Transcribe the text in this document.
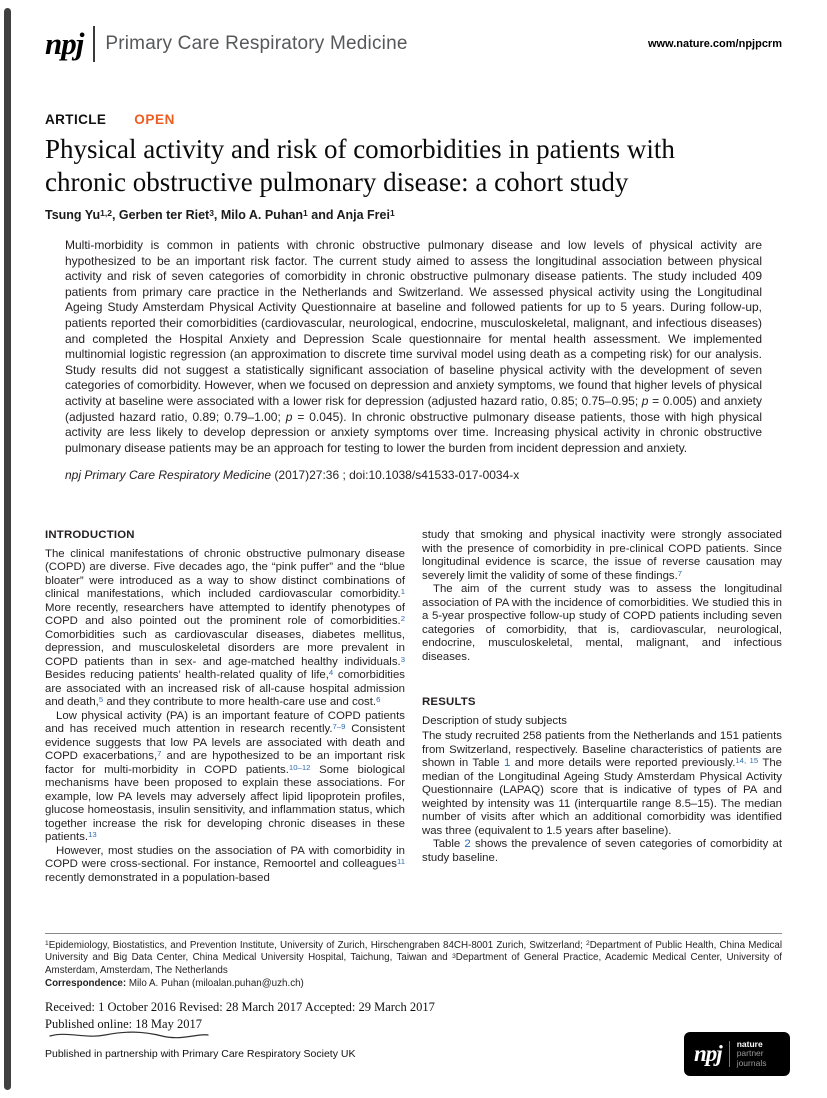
npj Primary Care Respiratory Medicine	www.nature.com/npjpcrm
ARTICLE OPEN
Physical activity and risk of comorbidities in patients with chronic obstructive pulmonary disease: a cohort study
Tsung Yu$^{1,2}$, Gerben ter Riet$^3$, Milo A. Puhan$^1$ and Anja Frei$^1$

Multi-morbidity is common in patients with chronic obstructive pulmonary disease and low levels of physical activity are hypothesized to be an important risk factor. The current study aimed to assess the longitudinal association between physical activity and risk of seven categories of comorbidity in chronic obstructive pulmonary disease patients. The study included 409 patients from primary care practice in the Netherlands and Switzerland. We assessed physical activity using the Longitudinal Ageing Study Amsterdam Physical Activity Questionnaire at baseline and followed patients for up to 5 years. During follow-up, patients reported their comorbidities (cardiovascular, neurological, endocrine, musculoskeletal, malignant, and infectious diseases) and completed the Hospital Anxiety and Depression Scale questionnaire for mental health assessment. We implemented multinomial logistic regression (an approximation to discrete time survival model using death as a competing risk) for our analysis. Study results did not suggest a statistically significant association of baseline physical activity with the development of seven categories of comorbidity. However, when we focused on depression and anxiety symptoms, we found that higher levels of physical activity at baseline were associated with a lower risk for depression (adjusted hazard ratio, 0.85; 0.75–0.95; p = 0.005) and anxiety (adjusted hazard ratio, 0.89; 0.79–1.00; p = 0.045). In chronic obstructive pulmonary disease patients, those with high physical activity are less likely to develop depression or anxiety symptoms over time. Increasing physical activity in chronic obstructive pulmonary disease patients may be an approach for testing to lower the burden from incident depression and anxiety.

npj Primary Care Respiratory Medicine (2017)27:36 ; doi:10.1038/s41533-017-0034-x

INTRODUCTION
The clinical manifestations of chronic obstructive pulmonary disease (COPD) are diverse. Five decades ago, the “pink puffer” and the “blue bloater” were introduced as a way to show distinct combinations of clinical manifestations, which included cardiovascular comorbidity.$^1$ More recently, researchers have attempted to identify phenotypes of COPD and also pointed out the prominent role of comorbidities.$^2$ Comorbidities such as cardiovascular diseases, diabetes mellitus, depression, and musculoskeletal disorders are more prevalent in COPD patients than in sex- and age-matched healthy individuals.$^3$ Besides reducing patients’ health-related quality of life,$^4$ comorbidities are associated with an increased risk of all-cause hospital admission and death,$^5$ and they contribute to more health-care use and cost.$^6$
Low physical activity (PA) is an important feature of COPD patients and has received much attention in research recently.$^{7-9}$ Consistent evidence suggests that low PA levels are associated with death and COPD exacerbations,$^7$ and are hypothesized to be an important risk factor for multi-morbidity in COPD patients.$^{10-12}$ Some biological mechanisms have been proposed to explain these associations. For example, low PA levels may adversely affect lipid lipoprotein profiles, glucose homeostasis, insulin sensitivity, and inflammation status, which together increase the risk for developing chronic diseases in these patients.$^{13}$
However, most studies on the association of PA with comorbidity in COPD were cross-sectional. For instance, Remoortel and colleagues$^{11}$ recently demonstrated in a population-based
study that smoking and physical inactivity were strongly associated with the presence of comorbidity in pre-clinical COPD patients. Since longitudinal evidence is scarce, the issue of reverse causation may severely limit the validity of some of these findings.$^7$
The aim of the current study was to assess the longitudinal association of PA with the incidence of comorbidities. We studied this in a 5-year prospective follow-up study of COPD patients including seven categories of comorbidity, that is, cardiovascular, neurological, endocrine, musculoskeletal, mental, malignant, and infectious diseases.
RESULTS
Description of study subjects
The study recruited 258 patients from the Netherlands and 151 patients from Switzerland, respectively. Baseline characteristics of patients are shown in Table 1 and more details were reported previously.$^{14, 15}$ The median of the Longitudinal Ageing Study Amsterdam Physical Activity Questionnaire (LAPAQ) score that is indicative of types of PA and weighted by intensity was 11 (interquartile range 8.5–15). The median number of visits after which an additional comorbidity was identified was three (equivalent to 1.5 years after baseline).
Table 2 shows the prevalence of seven categories of comorbidity at study baseline.

$^1$Epidemiology, Biostatistics, and Prevention Institute, University of Zurich, Hirschengraben 84CH-8001 Zurich, Switzerland; $^2$Department of Public Health, China Medical University and Big Data Center, China Medical University Hospital, Taichung, Taiwan and $^3$Department of General Practice, Academic Medical Center, University of Amsterdam, Amsterdam, The Netherlands

Correspondence: Milo A. Puhan (miloalan.puhan@uzh.ch)

Received: 1 October 2016 Revised: 28 March 2017 Accepted: 29 March 2017

Published online: 18 May 2017

Published in partnership with Primary Care Respiratory Society UK	npj nature
partner
journals
